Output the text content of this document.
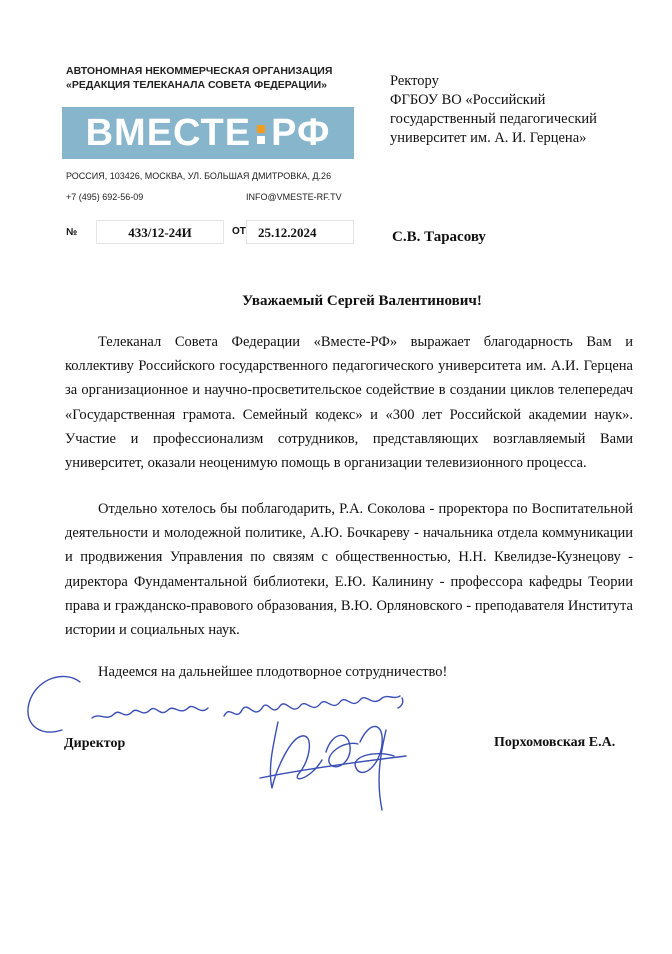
АВТОНОМНАЯ НЕКОММЕРЧЕСКАЯ ОРГАНИЗАЦИЯ
«РЕДАКЦИЯ ТЕЛЕКАНАЛА СОВЕТА ФЕДЕРАЦИИ»
ВМЕСТЕ РФ
РОССИЯ, 103426, МОСКВА, УЛ. БОЛЬШАЯ ДМИТРОВКА, Д.26
+7 (495) 692-56-09	INFO@VMESTE-RF.TV
№	433/12-24И	ОТ 25.12.2024
Ректору
ФГБОУ ВО «Российский
государственный педагогический
университет им. А. И. Герцена»
С.В. Тарасову
Уважаемый Сергей Валентинович!
Телеканал Совета Федерации «Вместе-РФ» выражает благодарность Вам и коллективу Российского государственного педагогического университета им. А.И. Герцена за организационное и научно-просветительское содействие в создании циклов телепередач «Государственная грамота. Семейный кодекс» и «300 лет Российской академии наук». Участие и профессионализм сотрудников, представляющих возглавляемый Вами университет, оказали неоценимую помощь в организации телевизионного процесса.
Отдельно хотелось бы поблагодарить, Р.А. Соколова - проректора по Воспитательной деятельности и молодежной политике, А.Ю. Бочкареву - начальника отдела коммуникации и продвижения Управления по связям с общественностью, Н.Н. Квелидзе-Кузнецову - директора Фундаментальной библиотеки, Е.Ю. Калинину - профессора кафедры Теории права и гражданско-правового образования, В.Ю. Орляновского - преподавателя Института истории и социальных наук.
Надеемся на дальнейшее плодотворное сотрудничество!
Директор	Порхомовская Е.А.
